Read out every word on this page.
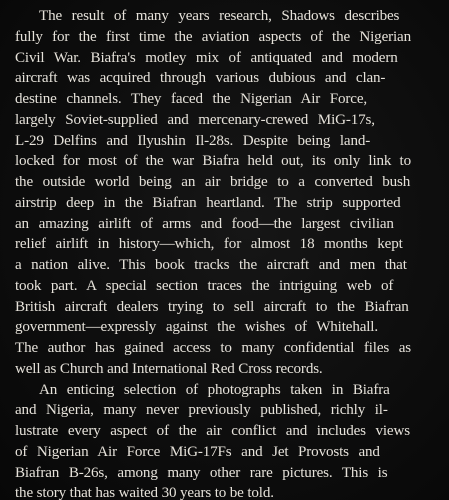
The result of many years research, Shadows describes
fully for the first time the aviation aspects of the Nigerian
Civil War. Biafra's motley mix of antiquated and modern
aircraft was acquired through various dubious and clan-
destine channels. They faced the Nigerian Air Force,
largely Soviet-supplied and mercenary-crewed MiG-17s,
L-29 Delfins and Ilyushin Il-28s. Despite being land-
locked for most of the war Biafra held out, its only link to
the outside world being an air bridge to a converted bush
airstrip deep in the Biafran heartland. The strip supported
an amazing airlift of arms and food—the largest civilian
relief airlift in history—which, for almost 18 months kept
a nation alive. This book tracks the aircraft and men that
took part. A special section traces the intriguing web of
British aircraft dealers trying to sell aircraft to the Biafran
government—expressly against the wishes of Whitehall.
The author has gained access to many confidential files as
well as Church and International Red Cross records.

An enticing selection of photographs taken in Biafra
and Nigeria, many never previously published, richly il-
lustrate every aspect of the air conflict and includes views
of Nigerian Air Force MiG-17Fs and Jet Provosts and
Biafran B-26s, among many other rare pictures. This is
the story that has waited 30 years to be told.
